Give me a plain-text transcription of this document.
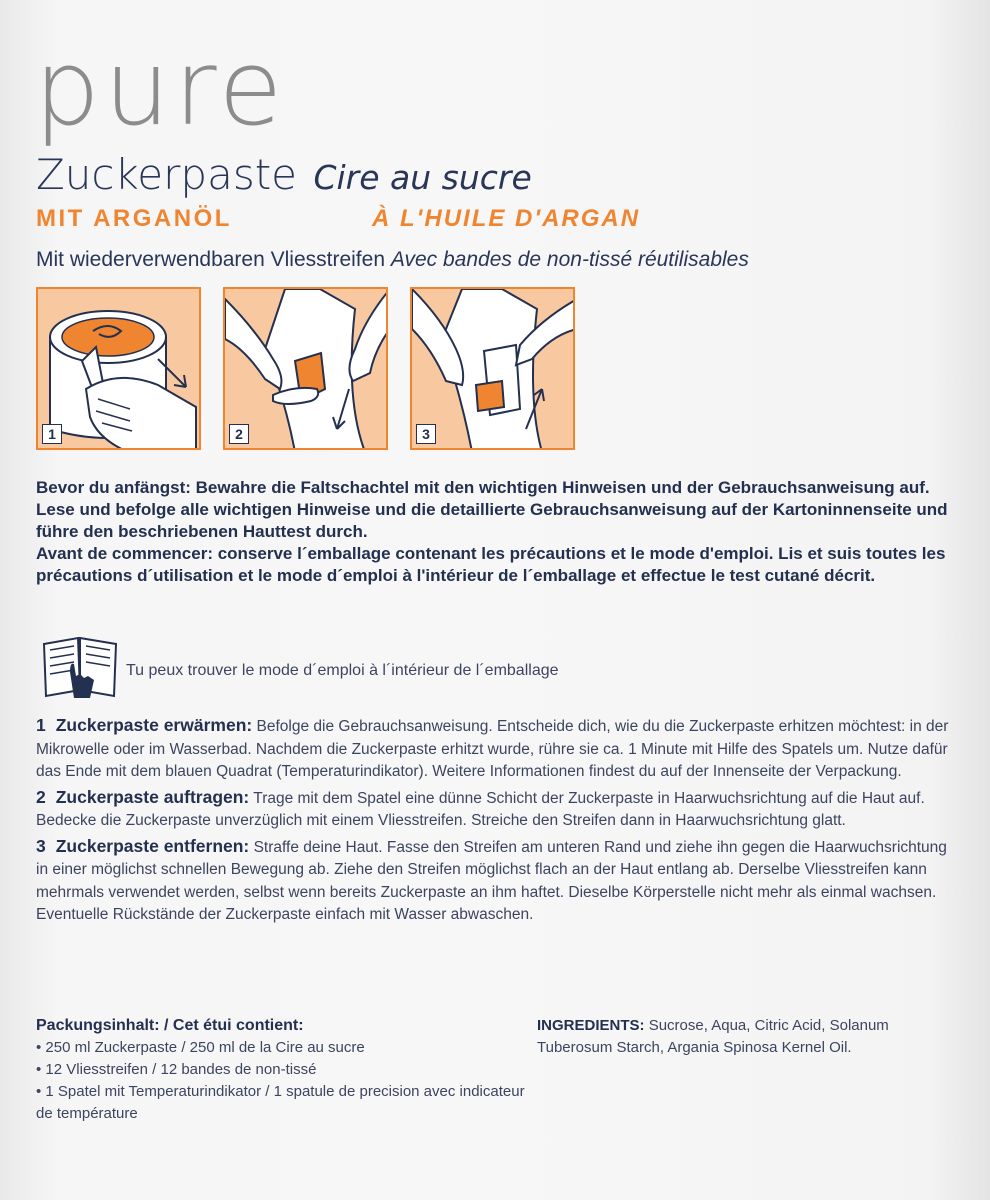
pure
Zuckerpaste Cire au sucre
MIT ARGANÖL	À L'HUILE D'ARGAN
Mit wiederverwendbaren Vliesstreifen Avec bandes de non-tissé réutilisables
1	2	3

Bevor du anfängst: Bewahre die Faltschachtel mit den wichtigen Hinweisen und der Gebrauchsanweisung auf. Lese und befolge alle wichtigen Hinweise und die detaillierte Gebrauchsanweisung auf der Kartoninnenseite und führe den beschriebenen Hauttest durch.

Avant de commencer: conserve l´emballage contenant les précautions et le mode d'emploi. Lis et suis toutes les précautions d´utilisation et le mode d´emploi à l'intérieur de l´emballage et effectue le test cutané décrit.

Tu peux trouver le mode d´emploi à l´intérieur de l´emballage

1 Zuckerpaste erwärmen: Befolge die Gebrauchsanweisung. Entscheide dich, wie du die Zuckerpaste erhitzen möchtest: in der Mikrowelle oder im Wasserbad. Nachdem die Zuckerpaste erhitzt wurde, rühre sie ca. 1 Minute mit Hilfe des Spatels um. Nutze dafür das Ende mit dem blauen Quadrat (Temperaturindikator). Weitere Informationen findest du auf der Innenseite der Verpackung.

2 Zuckerpaste auftragen: Trage mit dem Spatel eine dünne Schicht der Zuckerpaste in Haarwuchsrichtung auf die Haut auf. Bedecke die Zuckerpaste unverzüglich mit einem Vliesstreifen. Streiche den Streifen dann in Haarwuchsrichtung glatt.

3 Zuckerpaste entfernen: Straffe deine Haut. Fasse den Streifen am unteren Rand und ziehe ihn gegen die Haarwuchsrichtung in einer möglichst schnellen Bewegung ab. Ziehe den Streifen möglichst flach an der Haut entlang ab. Derselbe Vliesstreifen kann mehrmals verwendet werden, selbst wenn bereits Zuckerpaste an ihm haftet. Dieselbe Körperstelle nicht mehr als einmal wachsen. Eventuelle Rückstände der Zuckerpaste einfach mit Wasser abwaschen.

Packungsinhalt: / Cet étui contient:
• 250 ml Zuckerpaste / 250 ml de la Cire au sucre
• 12 Vliesstreifen / 12 bandes de non-tissé
• 1 Spatel mit Temperaturindikator / 1 spatule de precision avec indicateur de température
INGREDIENTS: Sucrose, Aqua, Citric Acid, Solanum Tuberosum Starch, Argania Spinosa Kernel Oil.
